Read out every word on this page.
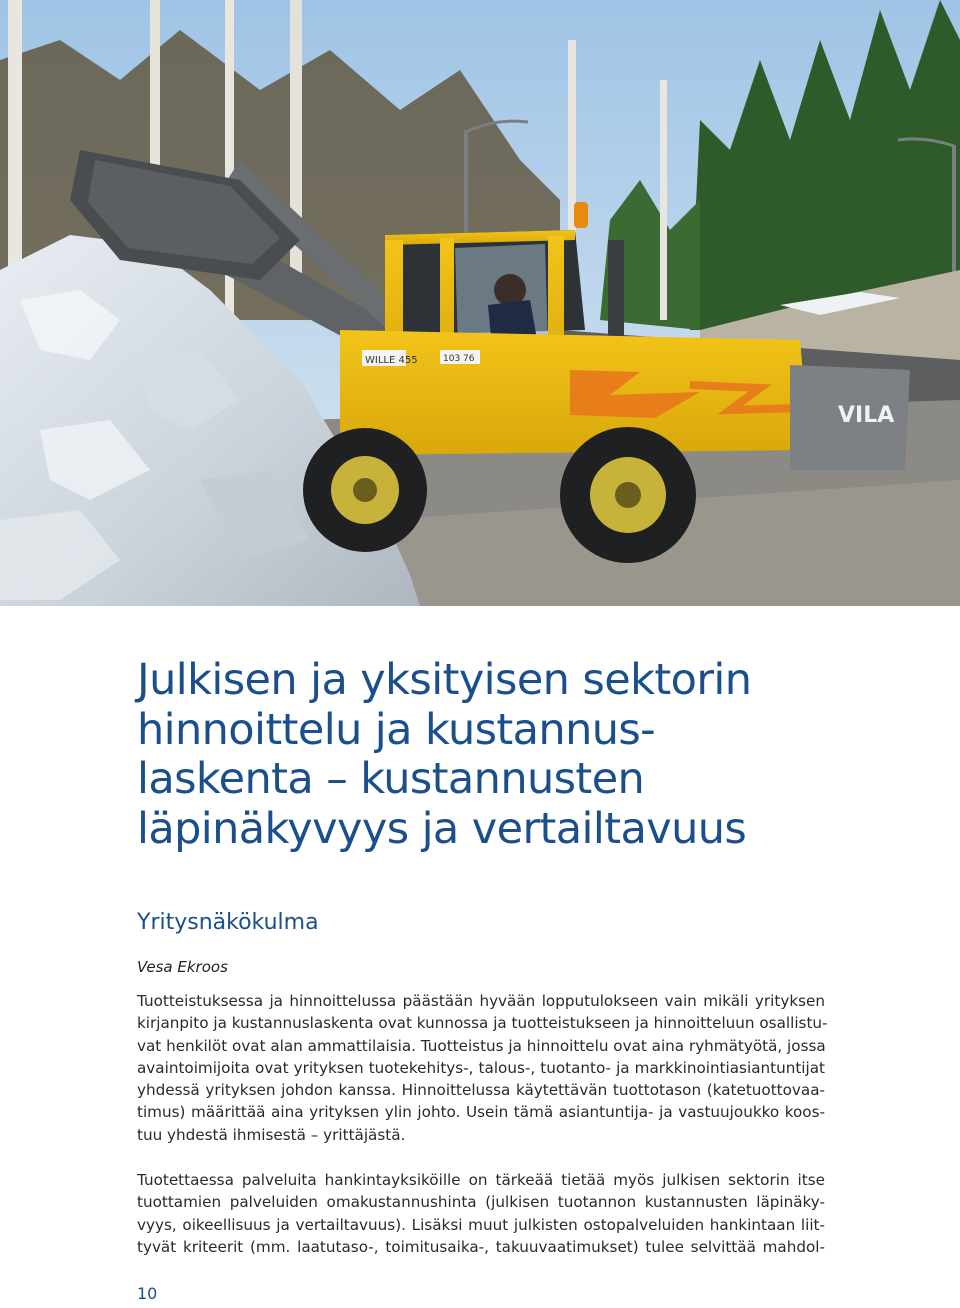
VILA
WILLE 455	103 76
Julkisen ja yksityisen sektorin
hinnoittelu ja kustannus-
laskenta – kustannusten
läpinäkyvyys ja vertailtavuus
Yritysnäkökulma
Vesa Ekroos
Tuotteistuksessa ja hinnoittelussa päästään hyvään lopputulokseen vain mikäli yrityksen
kirjanpito ja kustannuslaskenta ovat kunnossa ja tuotteistukseen ja hinnoitteluun osallistu-
vat henkilöt ovat alan ammattilaisia. Tuotteistus ja hinnoittelu ovat aina ryhmätyötä, jossa
avaintoimijoita ovat yrityksen tuotekehitys-, talous-, tuotanto- ja markkinointiasiantuntijat
yhdessä yrityksen johdon kanssa. Hinnoittelussa käytettävän tuottotason (katetuottovaa-
timus) määrittää aina yrityksen ylin johto. Usein tämä asiantuntija- ja vastuujoukko koos-
tuu yhdestä ihmisestä – yrittäjästä.
Tuotettaessa palveluita hankintayksiköille on tärkeää tietää myös julkisen sektorin itse
tuottamien palveluiden omakustannushinta (julkisen tuotannon kustannusten läpinäky-
vyys, oikeellisuus ja vertailtavuus). Lisäksi muut julkisten ostopalveluiden hankintaan liit-
tyvät kriteerit (mm. laatutaso-, toimitusaika-, takuuvaatimukset) tulee selvittää mahdol-
10
